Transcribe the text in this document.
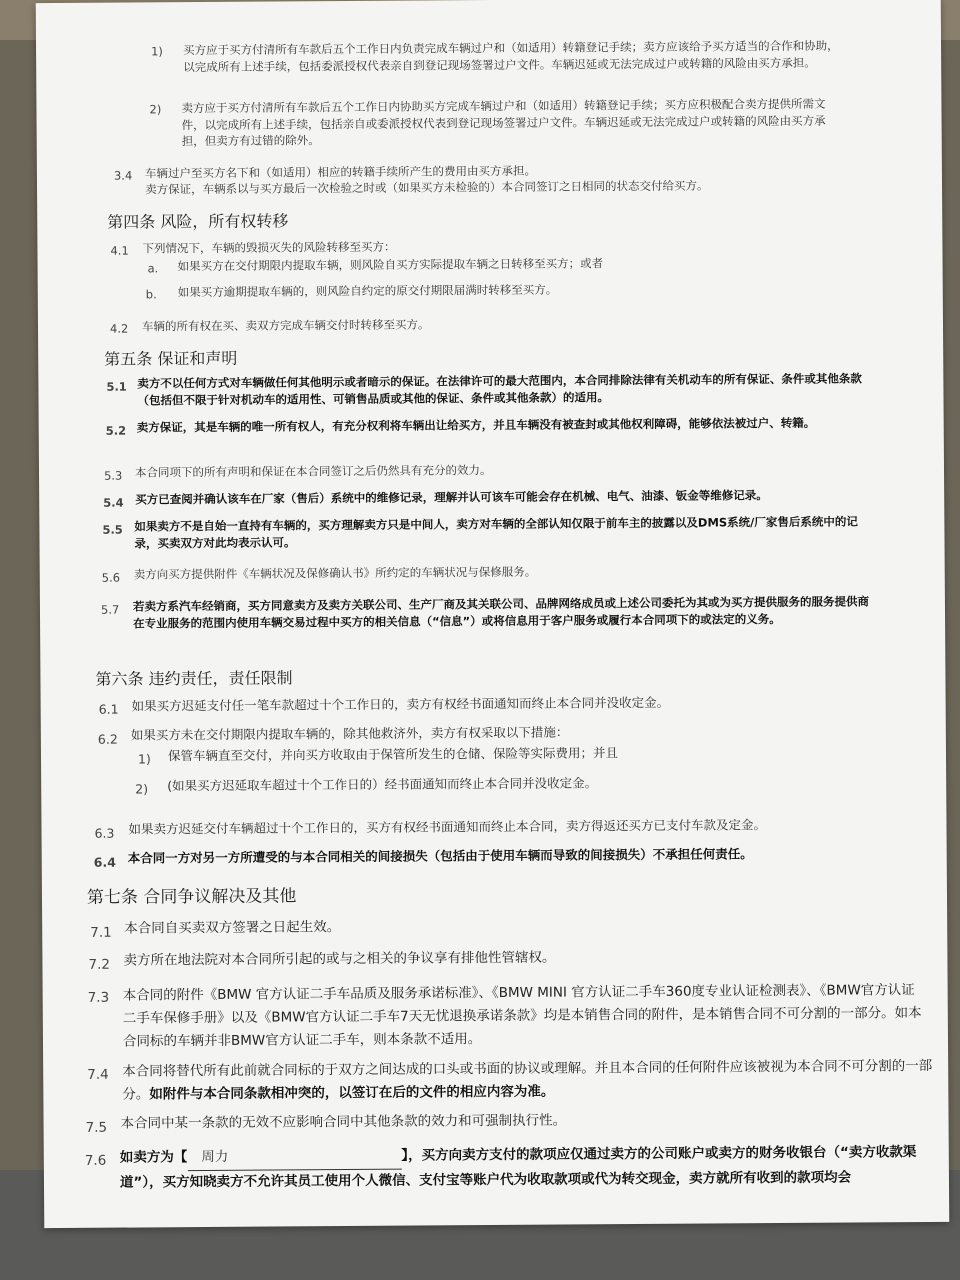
1) 买方应于买方付清所有车款后五个工作日内负责完成车辆过户和（如适用）转籍登记手续；卖方应该给予买方适当的合作和协助，以完成所有上述手续，包括委派授权代表亲自到登记现场签署过户文件。车辆迟延或无法完成过户或转籍的风险由买方承担。
2) 卖方应于买方付清所有车款后五个工作日内协助买方完成车辆过户和（如适用）转籍登记手续；买方应积极配合卖方提供所需文件，以完成所有上述手续，包括亲自或委派授权代表到登记现场签署过户文件。车辆迟延或无法完成过户或转籍的风险由买方承担，但卖方有过错的除外。
3.4 车辆过户至买方名下和（如适用）相应的转籍手续所产生的费用由买方承担。
卖方保证，车辆系以与买方最后一次检验之时或（如果买方未检验的）本合同签订之日相同的状态交付给买方。
第四条 风险，所有权转移
4.1 下列情况下，车辆的毁损灭失的风险转移至买方：
a. 如果买方在交付期限内提取车辆，则风险自买方实际提取车辆之日转移至买方；或者
b. 如果买方逾期提取车辆的，则风险自约定的原交付期限届满时转移至买方。
4.2 车辆的所有权在买、卖双方完成车辆交付时转移至买方。
第五条 保证和声明
5.1 卖方不以任何方式对车辆做任何其他明示或者暗示的保证。在法律许可的最大范围内，本合同排除法律有关机动车的所有保证、条件或其他条款（包括但不限于针对机动车的适用性、可销售品质或其他的保证、条件或其他条款）的适用。
5.2 卖方保证，其是车辆的唯一所有权人，有充分权利将车辆出让给买方，并且车辆没有被查封或其他权利障碍，能够依法被过户、转籍。
5.3 本合同项下的所有声明和保证在本合同签订之后仍然具有充分的效力。
5.4 买方已查阅并确认该车在厂家（售后）系统中的维修记录，理解并认可该车可能会存在机械、电气、油漆、钣金等维修记录。
5.5 如果卖方不是自始一直持有车辆的，买方理解卖方只是中间人，卖方对车辆的全部认知仅限于前车主的披露以及DMS系统/厂家售后系统中的记录，买卖双方对此均表示认可。
5.6 卖方向买方提供附件《车辆状况及保修确认书》所约定的车辆状况与保修服务。
5.7 若卖方系汽车经销商，买方同意卖方及卖方关联公司、生产厂商及其关联公司、品牌网络成员或上述公司委托为其或为买方提供服务的服务提供商在专业服务的范围内使用车辆交易过程中买方的相关信息（“信息”）或将信息用于客户服务或履行本合同项下的或法定的义务。
第六条 违约责任，责任限制
6.1 如果买方迟延支付任一笔车款超过十个工作日的，卖方有权经书面通知而终止本合同并没收定金。
6.2 如果买方未在交付期限内提取车辆的，除其他救济外，卖方有权采取以下措施：
1) 保管车辆直至交付，并向买方收取由于保管所发生的仓储、保险等实际费用；并且
2) (如果买方迟延取车超过十个工作日的）经书面通知而终止本合同并没收定金。
6.3 如果卖方迟延交付车辆超过十个工作日的，买方有权经书面通知而终止本合同，卖方得返还买方已支付车款及定金。
6.4 本合同一方对另一方所遭受的与本合同相关的间接损失（包括由于使用车辆而导致的间接损失）不承担任何责任。
第七条 合同争议解决及其他
7.1 本合同自买卖双方签署之日起生效。
7.2 卖方所在地法院对本合同所引起的或与之相关的争议享有排他性管辖权。
7.3 本合同的附件《BMW 官方认证二手车品质及服务承诺标准》、《BMW MINI 官方认证二手车360度专业认证检测表》、《BMW官方认证二手车保修手册》以及《BMW官方认证二手车7天无忧退换承诺条款》均是本销售合同的附件，是本销售合同不可分割的一部分。如本合同标的车辆并非BMW官方认证二手车，则本条款不适用。
7.4 本合同将替代所有此前就合同标的于双方之间达成的口头或书面的协议或理解。并且本合同的任何附件应该被视为本合同不可分割的一部分。如附件与本合同条款相冲突的，以签订在后的文件的相应内容为准。
7.5 本合同中某一条款的无效不应影响合同中其他条款的效力和可强制执行性。
7.6 如卖方为【 周力	】，买方向卖方支付的款项应仅通过卖方的公司账户或卖方的财务收银台（“卖方收款渠道”），买方知晓卖方不允许其员工使用个人微信、支付宝等账户代为收取款项或代为转交现金，卖方就所有收到的款项均会
